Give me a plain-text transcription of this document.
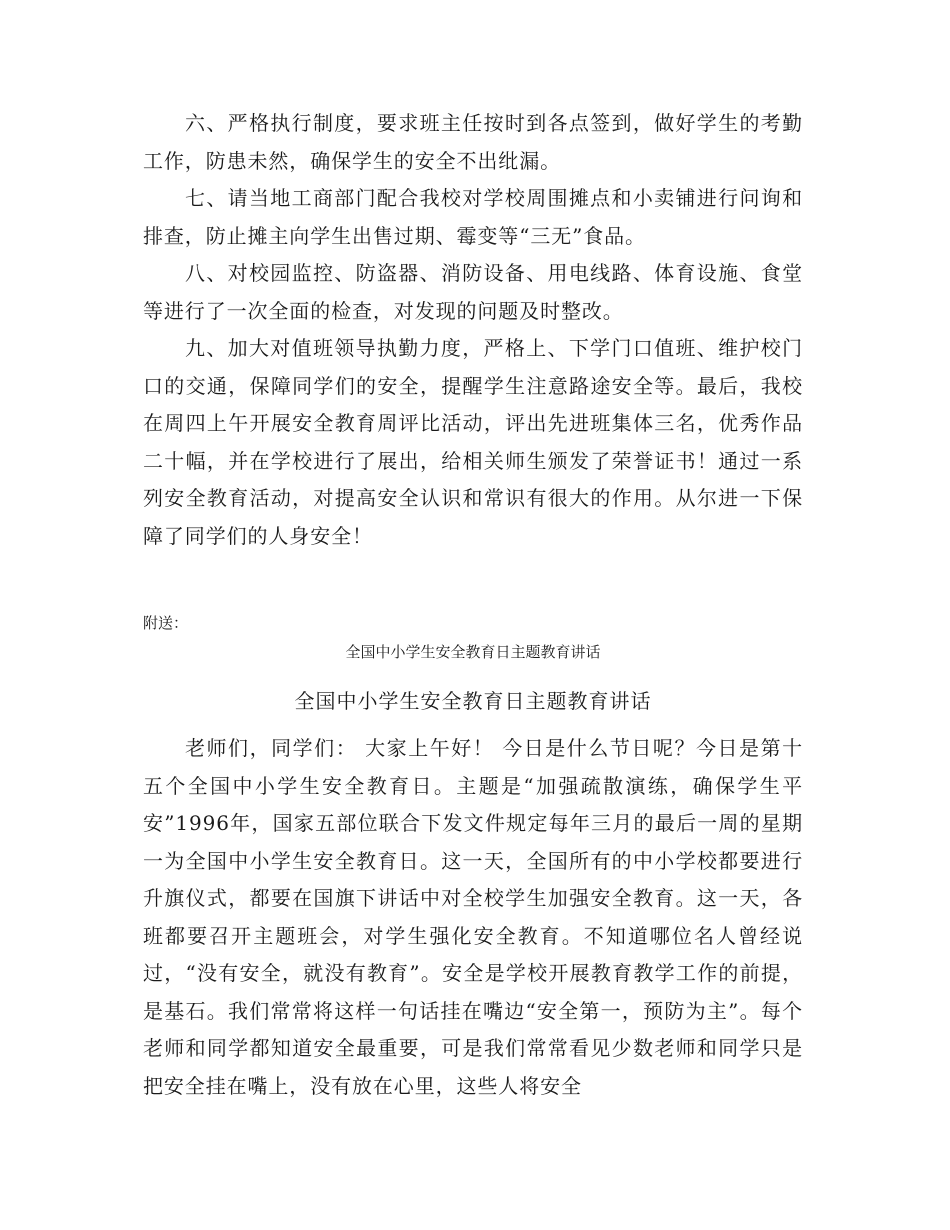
六、严格执行制度，要求班主任按时到各点签到，做好学生的考勤工作，防患未然，确保学生的安全不出纰漏。

七、请当地工商部门配合我校对学校周围摊点和小卖铺进行问询和排查，防止摊主向学生出售过期、霉变等“三无”食品。

八、对校园监控、防盗器、消防设备、用电线路、体育设施、食堂等进行了一次全面的检查，对发现的问题及时整改。

九、加大对值班领导执勤力度，严格上、下学门口值班、维护校门口的交通，保障同学们的安全，提醒学生注意路途安全等。最后，我校在周四上午开展安全教育周评比活动，评出先进班集体三名，优秀作品二十幅，并在学校进行了展出，给相关师生颁发了荣誉证书！通过一系列安全教育活动，对提高安全认识和常识有很大的作用。从尔进一下保障了同学们的人身安全！

附送：

全国中小学生安全教育日主题教育讲话

全国中小学生安全教育日主题教育讲话

老师们，同学们： 大家上午好！ 今日是什么节日呢？今日是第十五个全国中小学生安全教育日。主题是“加强疏散演练，确保学生平安”1996年，国家五部位联合下发文件规定每年三月的最后一周的星期一为全国中小学生安全教育日。这一天，全国所有的中小学校都要进行升旗仪式，都要在国旗下讲话中对全校学生加强安全教育。这一天，各班都要召开主题班会，对学生强化安全教育。不知道哪位名人曾经说过，“没有安全，就没有教育”。安全是学校开展教育教学工作的前提，是基石。我们常常将这样一句话挂在嘴边“安全第一，预防为主”。每个老师和同学都知道安全最重要，可是我们常常看见少数老师和同学只是把安全挂在嘴上，没有放在心里，这些人将安全
